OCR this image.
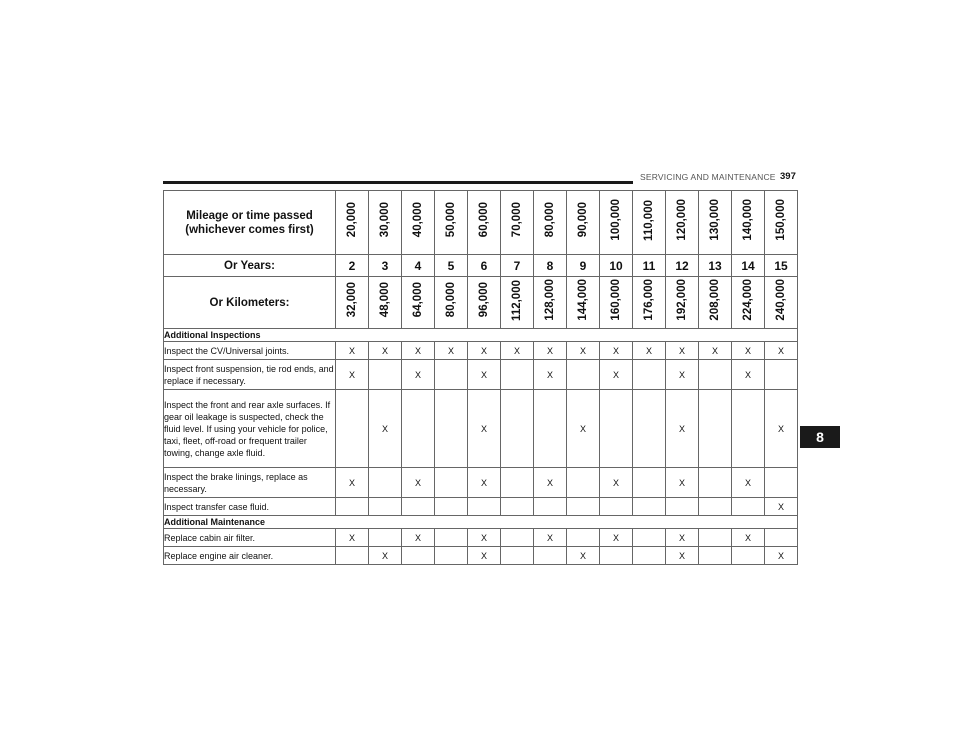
SERVICING AND MAINTENANCE 397
8
Mileage or time passed (whichever comes first)	20,000	30,000	40,000	50,000	60,000	70,000	80,000	90,000	100,000	110,000	120,000	130,000	140,000	150,000
Or Years:	2	3	4	5	6	7	8	9	10	11	12	13	14	15
Or Kilometers:	32,000	48,000	64,000	80,000	96,000	112,000	128,000	144,000	160,000	176,000	192,000	208,000	224,000	240,000
Additional Inspections														
Inspect the CV/Universal joints.	X	X	X	X	X	X	X	X	X	X	X	X	X	X
Inspect front suspension, tie rod ends, and replace if necessary.	X		X		X		X		X		X		X	
Inspect the front and rear axle surfaces. If gear oil leakage is suspected, check the fluid level. If using your vehicle for police, taxi, fleet, off-road or frequent trailer towing, change axle fluid.		X			X			X			X			X
Inspect the brake linings, replace as necessary.	X		X		X		X		X		X		X	
Inspect transfer case fluid.														X
Additional Maintenance														
Replace cabin air filter.	X		X		X		X		X		X		X	
Replace engine air cleaner.		X			X			X			X			X
